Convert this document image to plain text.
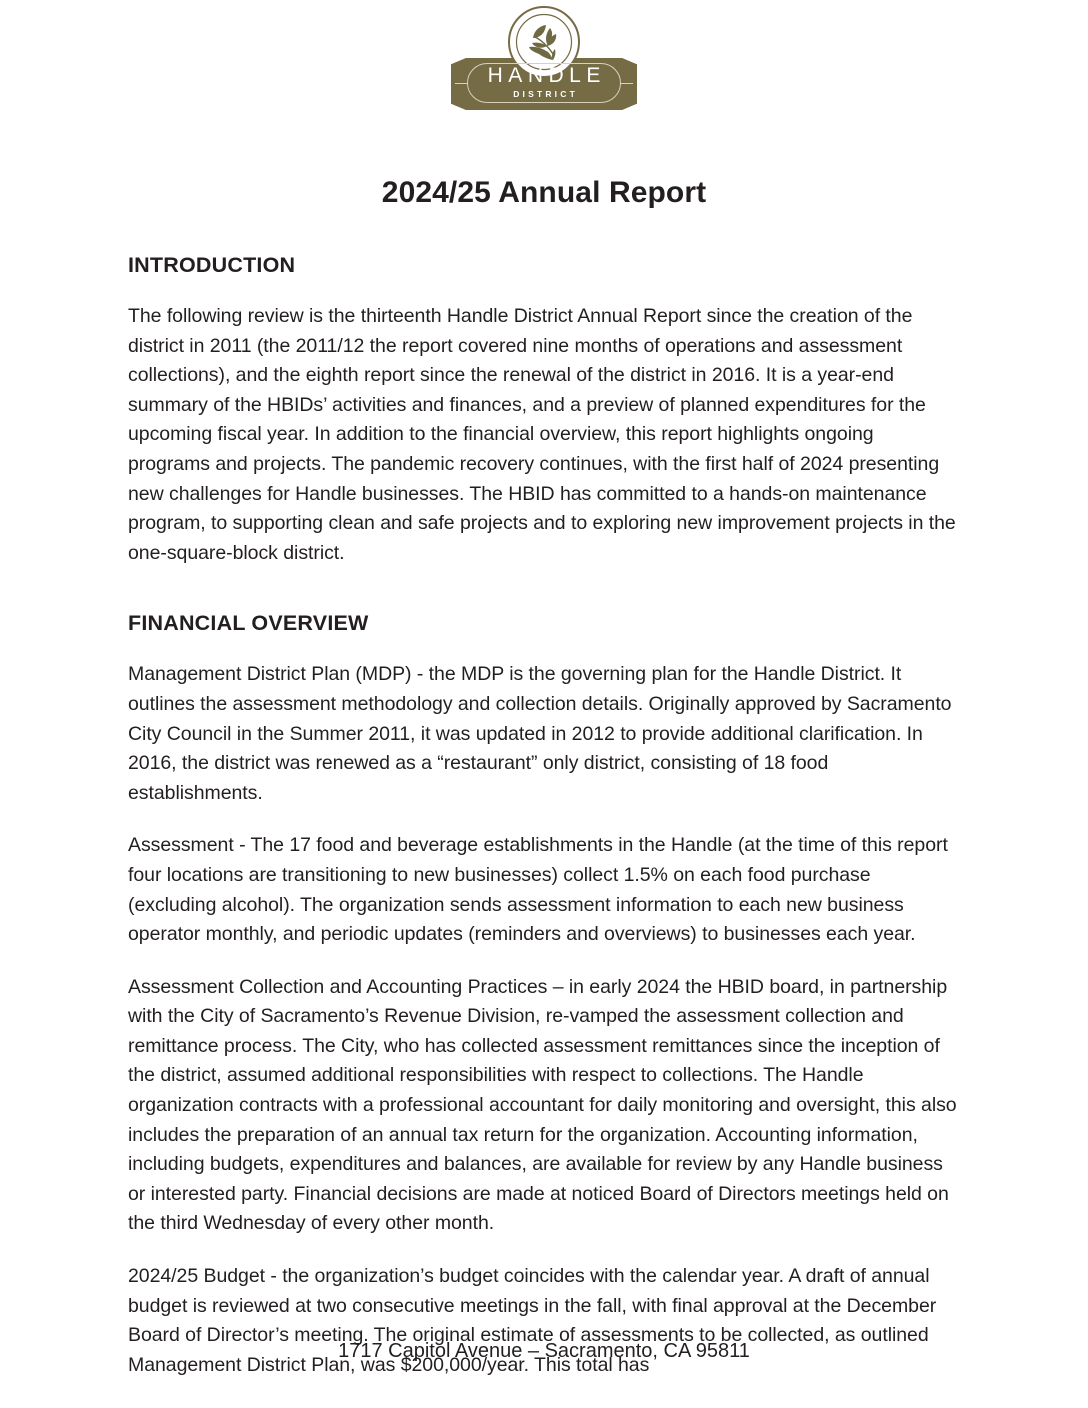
HANDLE
DISTRICT
2024/25 Annual Report
INTRODUCTION

The following review is the thirteenth Handle District Annual Report since the creation of the district in 2011 (the 2011/12 the report covered nine months of operations and assessment collections), and the eighth report since the renewal of the district in 2016. It is a year-end summary of the HBIDs’ activities and finances, and a preview of planned expenditures for the upcoming fiscal year. In addition to the financial overview, this report highlights ongoing programs and projects. The pandemic recovery continues, with the first half of 2024 presenting new challenges for Handle businesses. The HBID has committed to a hands-on maintenance program, to supporting clean and safe projects and to exploring new improvement projects in the one-square-block district.

FINANCIAL OVERVIEW

Management District Plan (MDP) - the MDP is the governing plan for the Handle District. It outlines the assessment methodology and collection details. Originally approved by Sacramento City Council in the Summer 2011, it was updated in 2012 to provide additional clarification. In 2016, the district was renewed as a “restaurant” only district, consisting of 18 food establishments.

Assessment - The 17 food and beverage establishments in the Handle (at the time of this report four locations are transitioning to new businesses) collect 1.5% on each food purchase (excluding alcohol). The organization sends assessment information to each new business operator monthly, and periodic updates (reminders and overviews) to businesses each year.

Assessment Collection and Accounting Practices – in early 2024 the HBID board, in partnership with the City of Sacramento’s Revenue Division, re-vamped the assessment collection and remittance process. The City, who has collected assessment remittances since the inception of the district, assumed additional responsibilities with respect to collections. The Handle organization contracts with a professional accountant for daily monitoring and oversight, this also includes the preparation of an annual tax return for the organization. Accounting information, including budgets, expenditures and balances, are available for review by any Handle business or interested party. Financial decisions are made at noticed Board of Directors meetings held on the third Wednesday of every other month.

2024/25 Budget - the organization’s budget coincides with the calendar year. A draft of annual budget is reviewed at two consecutive meetings in the fall, with final approval at the December Board of Director’s meeting. The original estimate of assessments to be collected, as outlined Management District Plan, was $200,000/year. This total has

1717 Capitol Avenue – Sacramento, CA 95811
